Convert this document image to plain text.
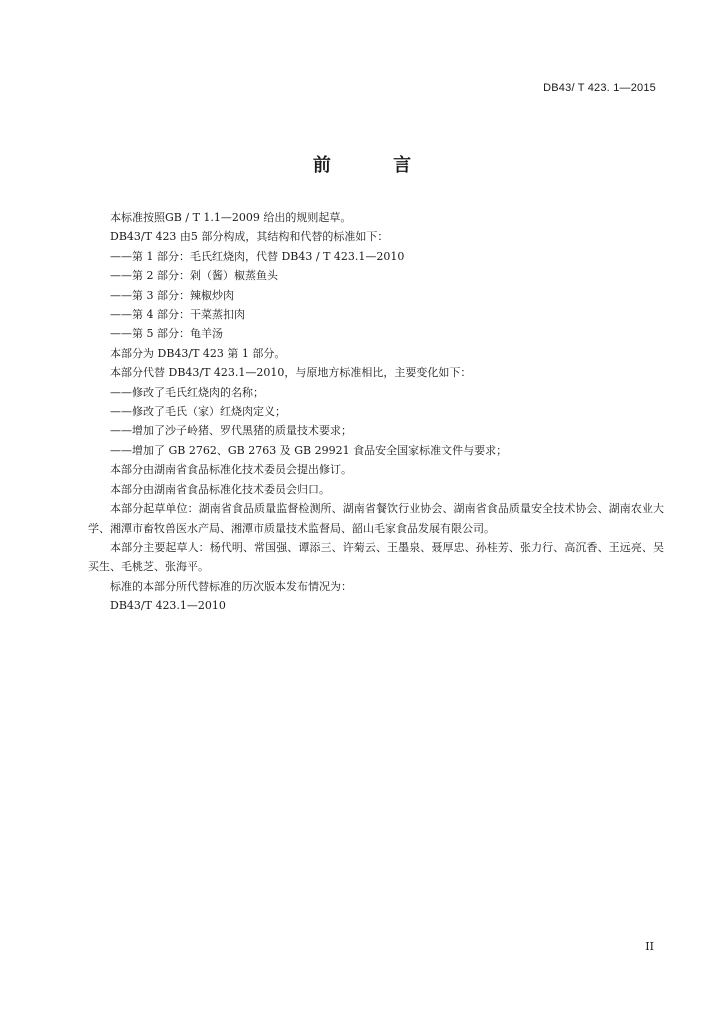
DB43/ T 423. 1—2015
前 言

本标准按照GB / T 1.1—2009 给出的规则起草。

DB43/T 423 由5 部分构成，其结构和代替的标准如下：

——第 1 部分：毛氏红烧肉，代替 DB43 / T 423.1—2010

——第 2 部分：剁（酱）椒蒸鱼头

——第 3 部分：辣椒炒肉

——第 4 部分：干菜蒸扣肉

——第 5 部分：龟羊汤

本部分为 DB43/T 423 第 1 部分。

本部分代替 DB43/T 423.1—2010，与原地方标准相比，主要变化如下：

——修改了毛氏红烧肉的名称；

——修改了毛氏（家）红烧肉定义；

——增加了沙子岭猪、罗代黑猪的质量技术要求；

——增加了 GB 2762、GB 2763 及 GB 29921 食品安全国家标准文件与要求；

本部分由湖南省食品标准化技术委员会提出修订。

本部分由湖南省食品标准化技术委员会归口。

本部分起草单位：湖南省食品质量监督检测所、湖南省餐饮行业协会、湖南省食品质量安全技术协会、湖南农业大学、湘潭市畜牧兽医水产局、湘潭市质量技术监督局、韶山毛家食品发展有限公司。

本部分主要起草人：杨代明、常国强、谭添三、许菊云、王墨泉、聂厚忠、孙桂芳、张力行、高沉香、王远亮、吴买生、毛桃芝、张海平。

标准的本部分所代替标准的历次版本发布情况为：

DB43/T 423.1—2010

II
